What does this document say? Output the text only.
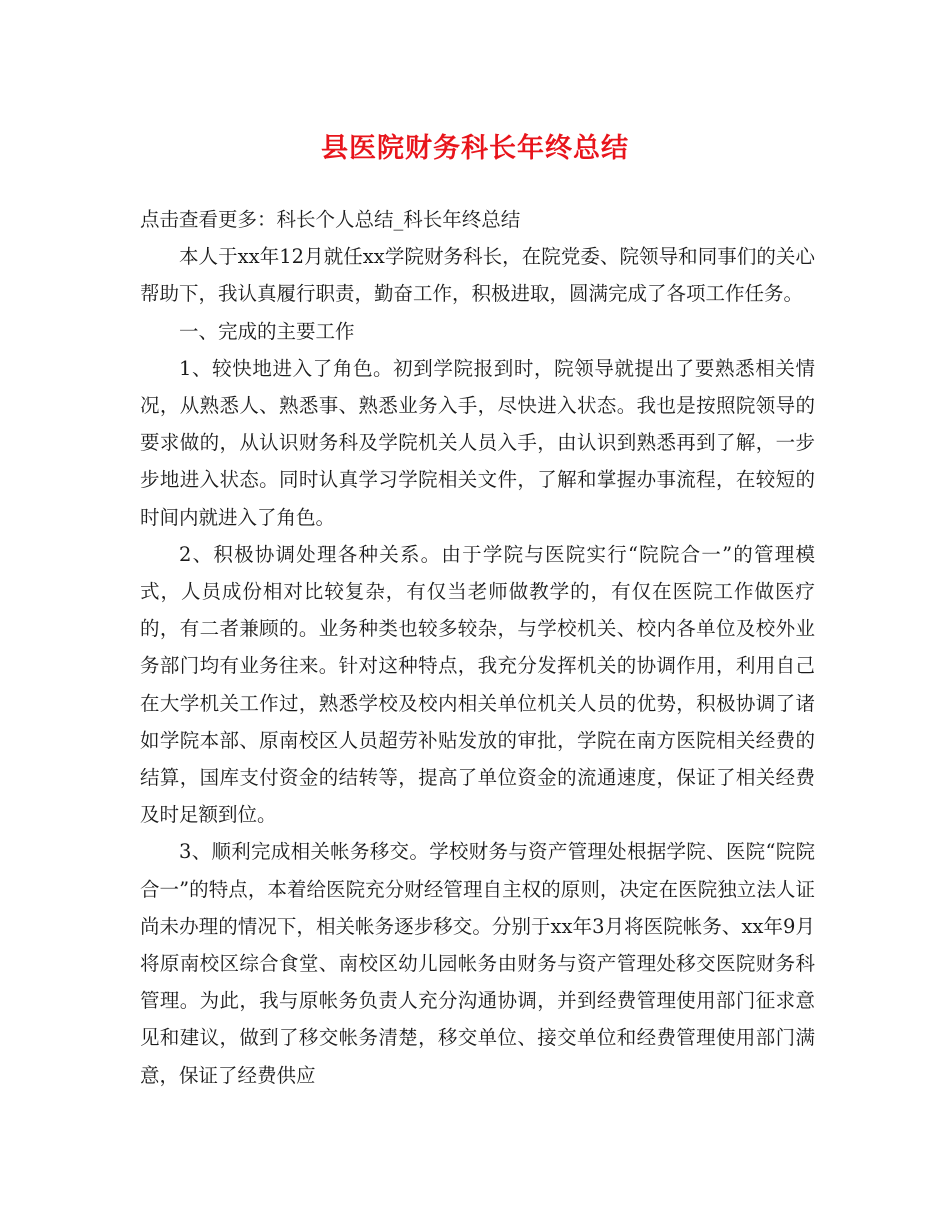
县医院财务科长年终总结

点击查看更多：科长个人总结_科长年终总结

本人于xx年12月就任xx学院财务科长，在院党委、院领导和同事们的关心帮助下，我认真履行职责，勤奋工作，积极进取，圆满完成了各项工作任务。

一、完成的主要工作

1、较快地进入了角色。初到学院报到时，院领导就提出了要熟悉相关情况，从熟悉人、熟悉事、熟悉业务入手，尽快进入状态。我也是按照院领导的要求做的，从认识财务科及学院机关人员入手，由认识到熟悉再到了解，一步步地进入状态。同时认真学习学院相关文件，了解和掌握办事流程，在较短的时间内就进入了角色。

2、积极协调处理各种关系。由于学院与医院实行“院院合一”的管理模式，人员成份相对比较复杂，有仅当老师做教学的，有仅在医院工作做医疗的，有二者兼顾的。业务种类也较多较杂，与学校机关、校内各单位及校外业务部门均有业务往来。针对这种特点，我充分发挥机关的协调作用，利用自己在大学机关工作过，熟悉学校及校内相关单位机关人员的优势，积极协调了诸如学院本部、原南校区人员超劳补贴发放的审批，学院在南方医院相关经费的结算，国库支付资金的结转等，提高了单位资金的流通速度，保证了相关经费及时足额到位。

3、顺利完成相关帐务移交。学校财务与资产管理处根据学院、医院“院院合一”的特点，本着给医院充分财经管理自主权的原则，决定在医院独立法人证尚未办理的情况下，相关帐务逐步移交。分别于xx年3月将医院帐务、xx年9月将原南校区综合食堂、南校区幼儿园帐务由财务与资产管理处移交医院财务科管理。为此，我与原帐务负责人充分沟通协调，并到经费管理使用部门征求意见和建议，做到了移交帐务清楚，移交单位、接交单位和经费管理使用部门满意，保证了经费供应
